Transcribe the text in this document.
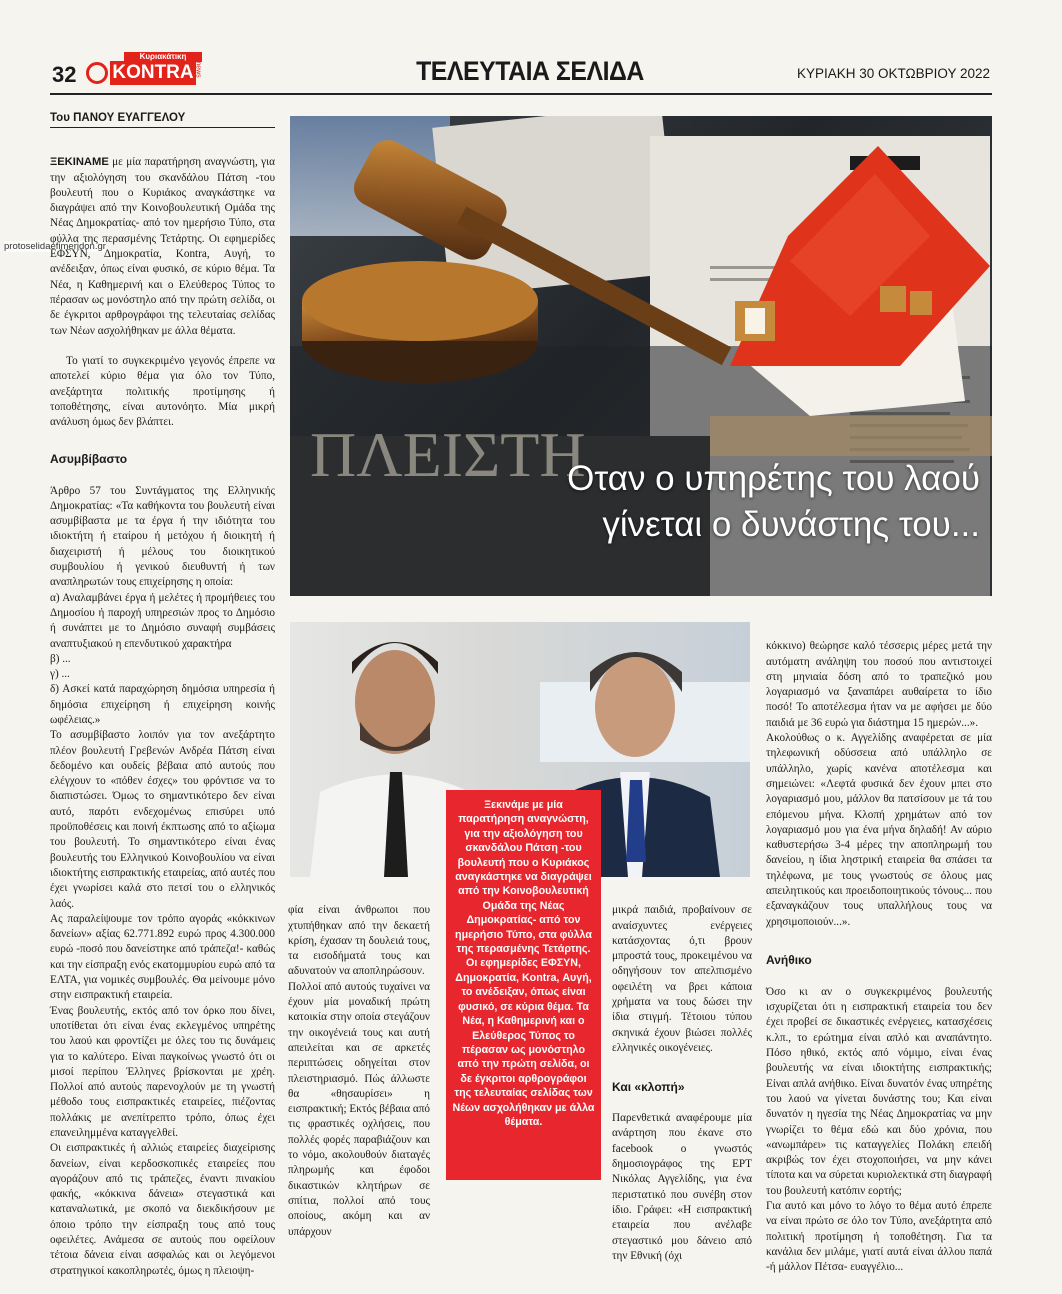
32
Κυριακάτικη
KONTRA news	ΤΕΛΕΥΤΑΙΑ ΣΕΛΙΔΑ	ΚΥΡΙΑΚΗ 30 ΟΚΤΩΒΡΙΟΥ 2022
Του ΠΑΝΟΥ ΕΥΑΓΓΕΛΟΥ
protoselidaefimeridon.gr

ΞΕΚΙΝΑΜΕ με μία παρατήρηση αναγνώστη, για την αξιολόγηση του σκανδάλου Πάτση -του βουλευτή που ο Κυριάκος αναγκάστηκε να διαγράψει από την Κοινοβουλευτική Ομάδα της Νέας Δημοκρατίας- από τον ημερήσιο Τύπο, στα φύλλα της περασμένης Τετάρτης. Οι εφημερίδες ΕΦΣΥΝ, Δημοκρατία, Kontra, Αυγή, το ανέδειξαν, όπως είναι φυσικό, σε κύριο θέμα. Τα Νέα, η Καθημερινή και ο Ελεύθερος Τύπος το πέρασαν ως μονόστηλο από την πρώτη σελίδα, οι δε έγκριτοι αρθρογράφοι της τελευταίας σελίδας των Νέων ασχολήθηκαν με άλλα θέματα.

Το γιατί το συγκεκριμένο γεγονός έπρεπε να αποτελεί κύριο θέμα για όλο τον Τύπο, ανεξάρτητα πολιτικής προτίμησης ή τοποθέτησης, είναι αυτονόητο. Μία μικρή ανάλυση όμως δεν βλάπτει.

Ασυμβίβαστο

Άρθρο 57 του Συντάγματος της Ελληνικής Δημοκρατίας: «Τα καθήκοντα του βουλευτή είναι ασυμβίβαστα με τα έργα ή την ιδιότητα του ιδιοκτήτη ή εταίρου ή μετόχου ή διοικητή ή διαχειριστή ή μέλους του διοικητικού συμβουλίου ή γενικού διευθυντή ή των αναπληρωτών τους επιχείρησης η οποία:
α) Αναλαμβάνει έργα ή μελέτες ή προμήθειες του Δημοσίου ή παροχή υπηρεσιών προς το Δημόσιο ή συνάπτει με το Δημόσιο συναφή συμβάσεις αναπτυξιακού η επενδυτικού χαρακτήρα
β) ...
γ) ...
δ) Ασκεί κατά παραχώρηση δημόσια υπηρεσία ή δημόσια επιχείρηση ή επιχείρηση κοινής ωφέλειας.»
Το ασυμβίβαστο λοιπόν για τον ανεξάρτητο πλέον βουλευτή Γρεβενών Ανδρέα Πάτση είναι δεδομένο και ουδείς βέβαια από αυτούς που ελέγχουν το «πόθεν έσχες» του φρόντισε να το διαπιστώσει. Όμως το σημαντικότερο δεν είναι αυτό, παρότι ενδεχομένως επισύρει υπό προϋποθέσεις και ποινή έκπτωσης από το αξίωμα του βουλευτή. Το σημαντικότερο είναι ένας βουλευτής του Ελληνικού Κοινοβουλίου να είναι ιδιοκτήτης εισπρακτικής εταιρείας, από αυτές που έχει γνωρίσει καλά στο πετσί του ο ελληνικός λαός.
Ας παραλείψουμε τον τρόπο αγοράς «κόκκινων δανείων» αξίας 62.771.892 ευρώ προς 4.300.000 ευρώ -ποσό που δανείστηκε από τράπεζα!- καθώς και την είσπραξη ενός εκατομμυρίου ευρώ από τα ΕΛΤΑ, για νομικές συμβουλές. Θα μείνουμε μόνο στην εισπρακτική εταιρεία.
Ένας βουλευτής, εκτός από τον όρκο που δίνει, υποτίθεται ότι είναι ένας εκλεγμένος υπηρέτης του λαού και φροντίζει με όλες του τις δυνάμεις για το καλύτερο. Είναι παγκοίνως γνωστό ότι οι μισοί περίπου Έλληνες βρίσκονται με χρέη. Πολλοί από αυτούς παρενοχλούν με τη γνωστή μέθοδο τους εισπρακτικές εταιρείες, πιέζοντας πολλάκις με ανεπίτρεπτο τρόπο, όπως έχει επανειλημμένα καταγγελθεί.
Οι εισπρακτικές ή αλλιώς εταιρείες διαχείρισης δανείων, είναι κερδοσκοπικές εταιρείες που αγοράζουν από τις τράπεζες, έναντι πινακίου φακής, «κόκκινα δάνεια» στεγαστικά και καταναλωτικά, με σκοπό να διεκδικήσουν με όποιο τρόπο την είσπραξη τους από τους οφειλέτες. Ανάμεσα σε αυτούς που οφείλουν τέτοια δάνεια είναι ασφαλώς και οι λεγόμενοι στρατηγικοί κακοπληρωτές, όμως η πλειοψη-

ΠΛΕΙΣΤΗ
Οταν ο υπηρέτης του λαού
γίνεται ο δυνάστης του...

φία είναι άνθρωποι που χτυπήθηκαν από την δεκαετή κρίση, έχασαν τη δουλειά τους, τα εισοδήματά τους και αδυνατούν να αποπληρώσουν.
Πολλοί από αυτούς τυχαίνει να έχουν μία μοναδική πρώτη κατοικία στην οποία στεγάζουν την οικογένειά τους και αυτή απειλείται και σε αρκετές περιπτώσεις οδηγείται στον πλειστηριασμό. Πώς άλλωστε θα «θησαυρίσει» η εισπρακτική; Εκτός βέβαια από τις φραστικές οχλήσεις, που πολλές φορές παραβιάζουν και το νόμο, ακολουθούν διαταγές πληρωμής και έφοδοι δικαστικών κλητήρων σε σπίτια, πολλοί από τους οποίους, ακόμη και αν υπάρχουν

Ξεκινάμε με μία παρατήρηση αναγνώστη, για την αξιολόγηση του σκανδάλου Πάτση -του βουλευτή που ο Κυριάκος αναγκάστηκε να διαγράψει από την Κοινοβουλευτική Ομάδα της Νέας Δημοκρατίας- από τον ημερήσιο Τύπο, στα φύλλα της περασμένης Τετάρτης. Οι εφημερίδες ΕΦΣΥΝ, Δημοκρατία, Kontra, Αυγή, το ανέδειξαν, όπως είναι φυσικό, σε κύρια θέμα. Τα Νέα, η Καθημερινή και ο Ελεύθερος Τύπος το πέρασαν ως μονόστηλο από την πρώτη σελίδα, οι δε έγκριτοι αρθρογράφοι της τελευταίας σελίδας των Νέων ασχολήθηκαν με άλλα θέματα.

μικρά παιδιά, προβαίνουν σε αναίσχυντες ενέργειες κατάσχοντας ό,τι βρουν μπροστά τους, προκειμένου να οδηγήσουν τον απελπισμένο οφειλέτη να βρει κάποια χρήματα να τους δώσει την ίδια στιγμή. Τέτοιου τύπου σκηνικά έχουν βιώσει πολλές ελληνικές οικογένειες.

Και «κλοπή»

Παρενθετικά αναφέρουμε μία ανάρτηση που έκανε στο facebook ο γνωστός δημοσιογράφος της ΕΡΤ Νικόλας Αγγελίδης, για ένα περιστατικό που συνέβη στον ίδιο. Γράφει: «Η εισπρακτική εταιρεία που ανέλαβε στεγαστικό μου δάνειο από την Εθνική (όχι

κόκκινο) θεώρησε καλό τέσσερις μέρες μετά την αυτόματη ανάληψη του ποσού που αντιστοιχεί στη μηνιαία δόση από το τραπεζικό μου λογαριασμό να ξαναπάρει αυθαίρετα το ίδιο ποσό! Το αποτέλεσμα ήταν να με αφήσει με δύο παιδιά με 36 ευρώ για διάστημα 15 ημερών...».
Ακολούθως ο κ. Αγγελίδης αναφέρεται σε μία τηλεφωνική οδύσσεια από υπάλληλο σε υπάλληλο, χωρίς κανένα αποτέλεσμα και σημειώνει: «Λεφτά φυσικά δεν έχουν μπει στο λογαριασμό μου, μάλλον θα πατσίσουν με τά του επόμενου μήνα. Κλοπή χρημάτων από τον λογαριασμό μου για ένα μήνα δηλαδή! Αν αύριο καθυστερήσω 3-4 μέρες την αποπληρωμή του δανείου, η ίδια ληστρική εταιρεία θα σπάσει τα τηλέφωνα, με τους γνωστούς σε όλους μας απειλητικούς και προειδοποιητικούς τόνους... που εξαναγκάζουν τους υπαλλήλους τους να χρησιμοποιούν...».

Ανήθικο

Όσο κι αν ο συγκεκριμένος βουλευτής ισχυρίζεται ότι η εισπρακτική εταιρεία του δεν έχει προβεί σε δικαστικές ενέργειες, κατασχέσεις κ.λπ., το ερώτημα είναι απλό και αναπάντητο. Πόσο ηθικό, εκτός από νόμιμο, είναι ένας βουλευτής να είναι ιδιοκτήτης εισπρακτικής; Είναι απλά ανήθικο. Είναι δυνατόν ένας υπηρέτης του λαού να γίνεται δυνάστης του; Και είναι δυνατόν η ηγεσία της Νέας Δημοκρατίας να μην γνωρίζει το θέμα εδώ και δύο χρόνια, που «ανωμπάρει» τις καταγγελίες Πολάκη επειδή ακριβώς τον έχει στοχοποιήσει, να μην κάνει τίποτα και να σύρεται κυριολεκτικά στη διαγραφή του βουλευτή κατόπιν εορτής;
Για αυτό και μόνο το λόγο το θέμα αυτό έπρεπε να είναι πρώτο σε όλο τον Τύπο, ανεξάρτητα από πολιτική προτίμηση ή τοποθέτηση. Για τα κανάλια δεν μιλάμε, γιατί αυτά είναι άλλου παπά -ή μάλλον Πέτσα- ευαγγέλιο...
